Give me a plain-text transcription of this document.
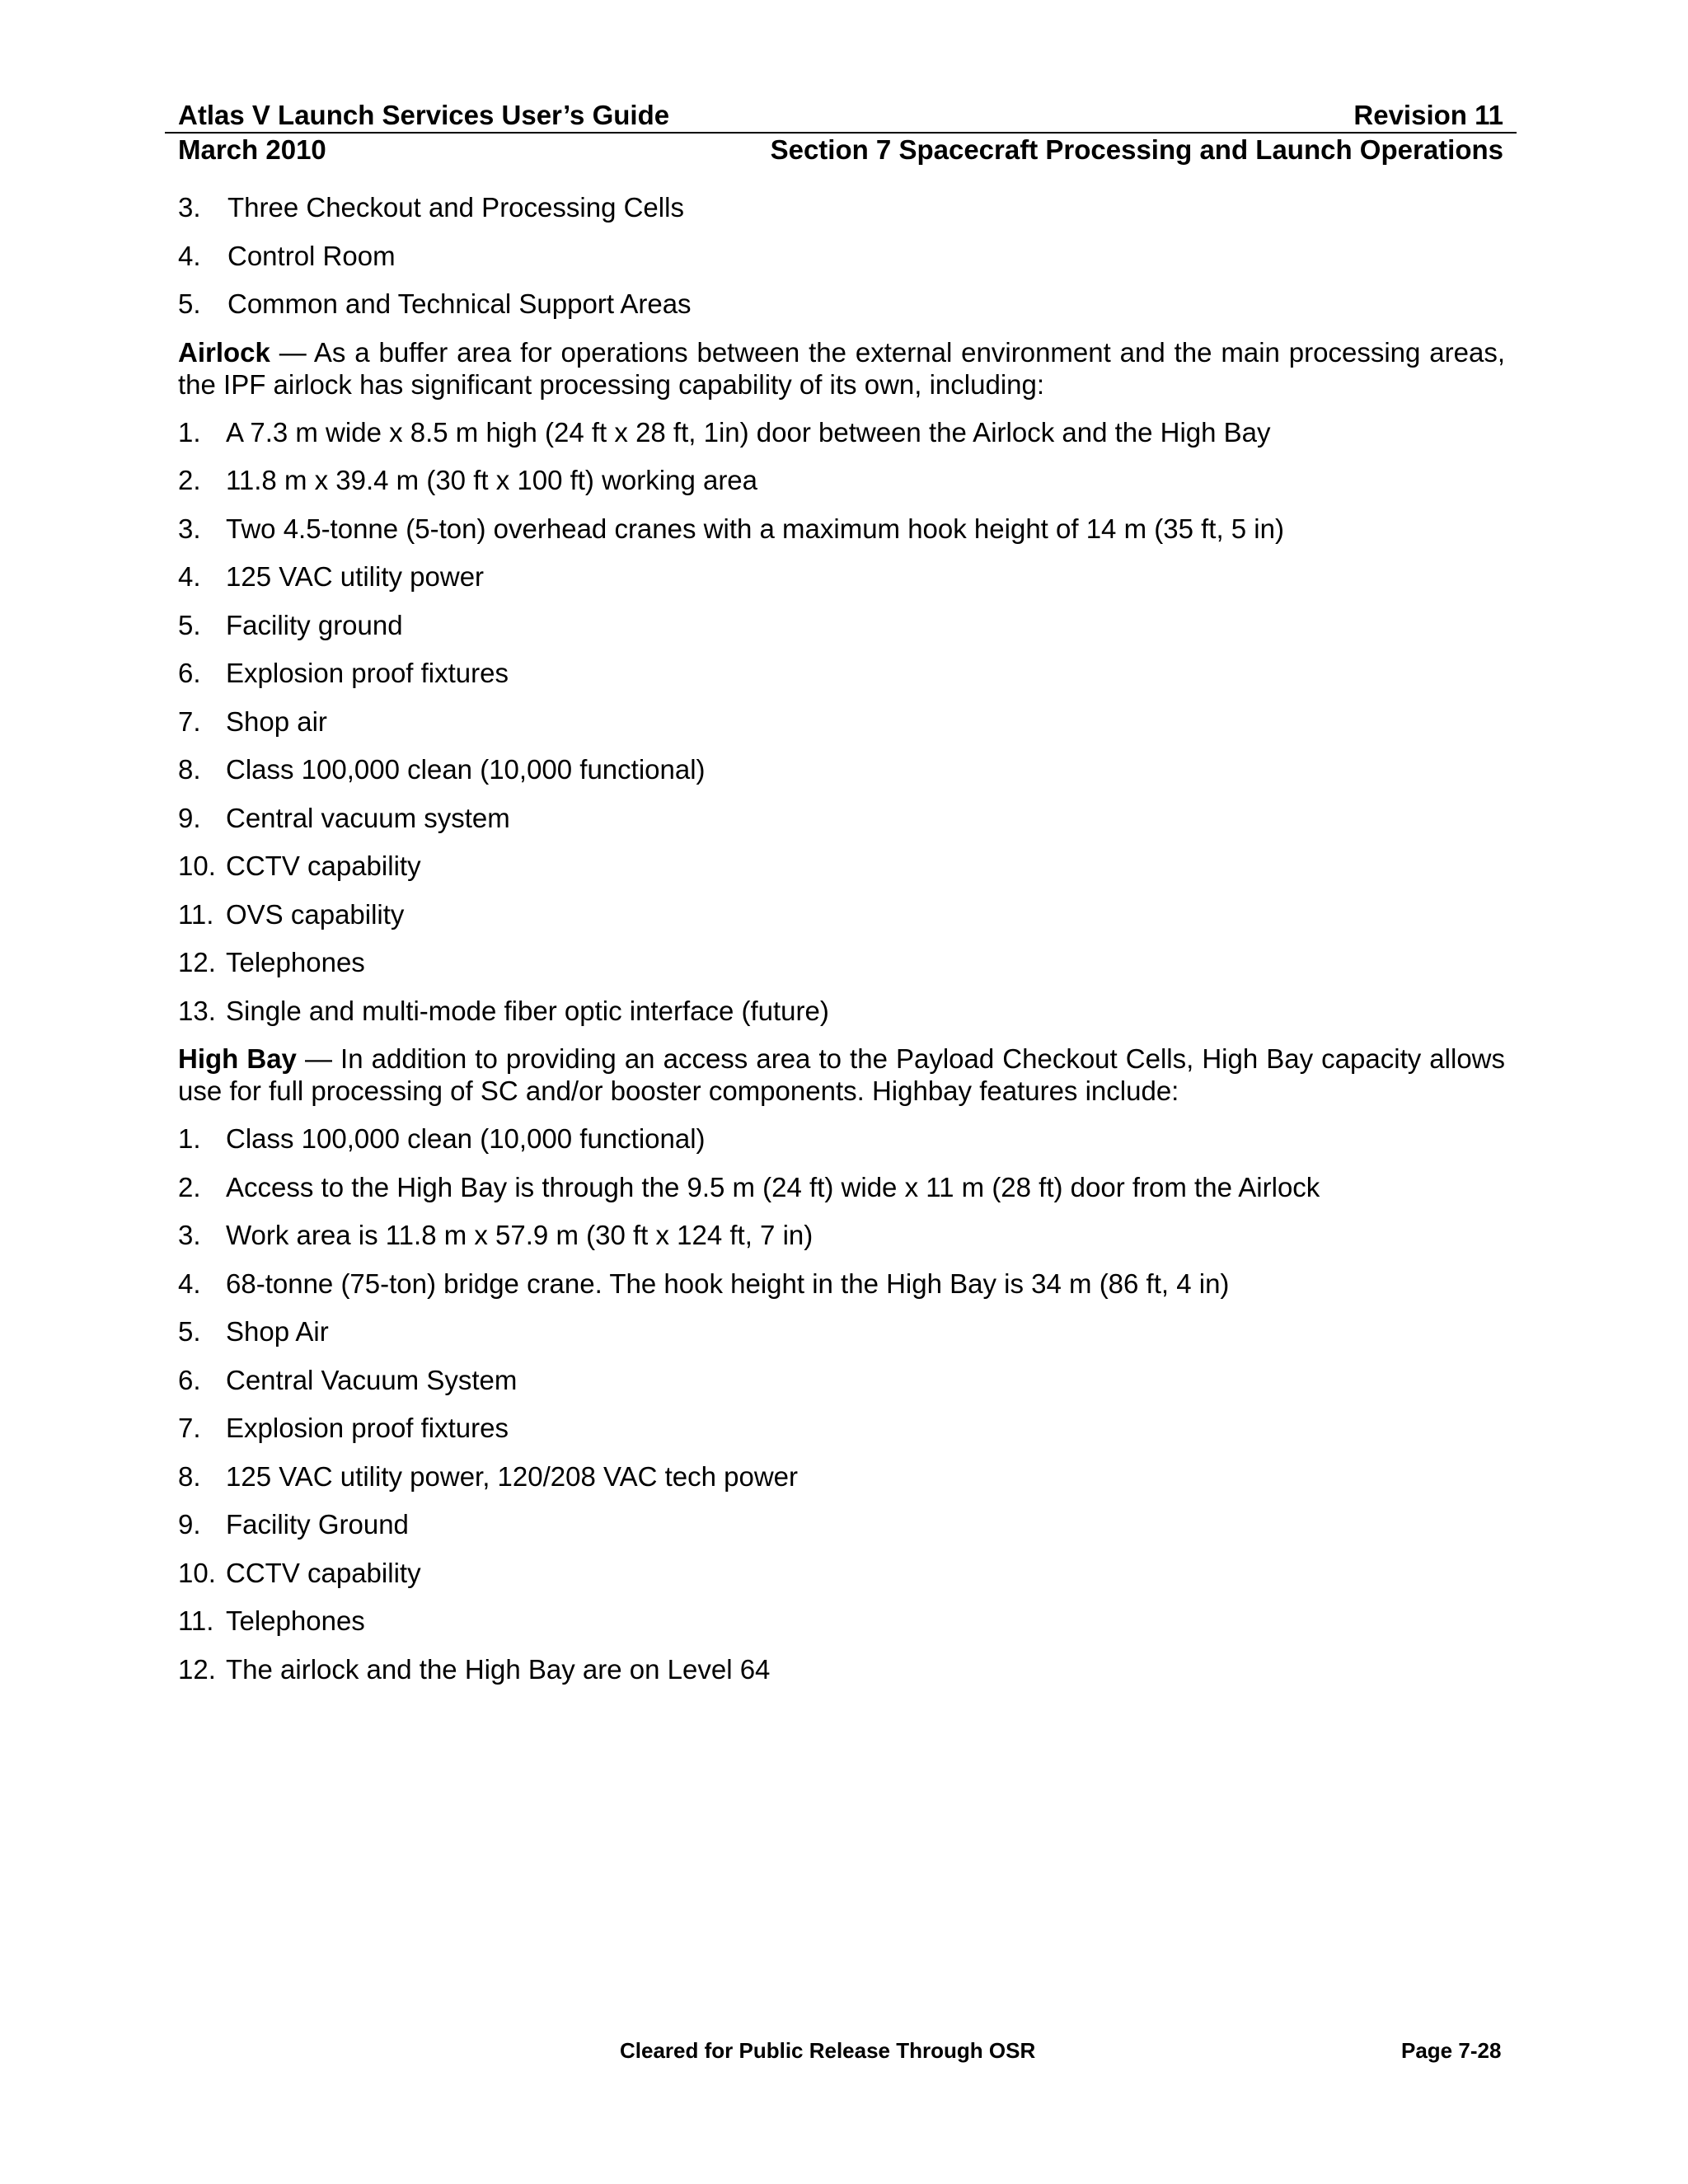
Atlas V Launch Services User’s Guide	Revision 11
March 2010	Section 7 Spacecraft Processing and Launch Operations
3. Three Checkout and Processing Cells
4. Control Room
5. Common and Technical Support Areas

Airlock — As a buffer area for operations between the external environment and the main processing areas, the IPF airlock has significant processing capability of its own, including:

1. A 7.3 m wide x 8.5 m high (24 ft x 28 ft, 1in) door between the Airlock and the High Bay
2. 11.8 m x 39.4 m (30 ft x 100 ft) working area
3. Two 4.5-tonne (5-ton) overhead cranes with a maximum hook height of 14 m (35 ft, 5 in)
4. 125 VAC utility power
5. Facility ground
6. Explosion proof fixtures
7. Shop air
8. Class 100,000 clean (10,000 functional)
9. Central vacuum system
10. CCTV capability
11. OVS capability
12. Telephones
13. Single and multi-mode fiber optic interface (future)

High Bay — In addition to providing an access area to the Payload Checkout Cells, High Bay capacity allows use for full processing of SC and/or booster components. Highbay features include:

1. Class 100,000 clean (10,000 functional)
2. Access to the High Bay is through the 9.5 m (24 ft) wide x 11 m (28 ft) door from the Airlock
3. Work area is 11.8 m x 57.9 m (30 ft x 124 ft, 7 in)
4. 68-tonne (75-ton) bridge crane. The hook height in the High Bay is 34 m (86 ft, 4 in)
5. Shop Air
6. Central Vacuum System
7. Explosion proof fixtures
8. 125 VAC utility power, 120/208 VAC tech power
9. Facility Ground
10. CCTV capability
11. Telephones
12. The airlock and the High Bay are on Level 64
Cleared for Public Release Through OSR	Page 7-28
